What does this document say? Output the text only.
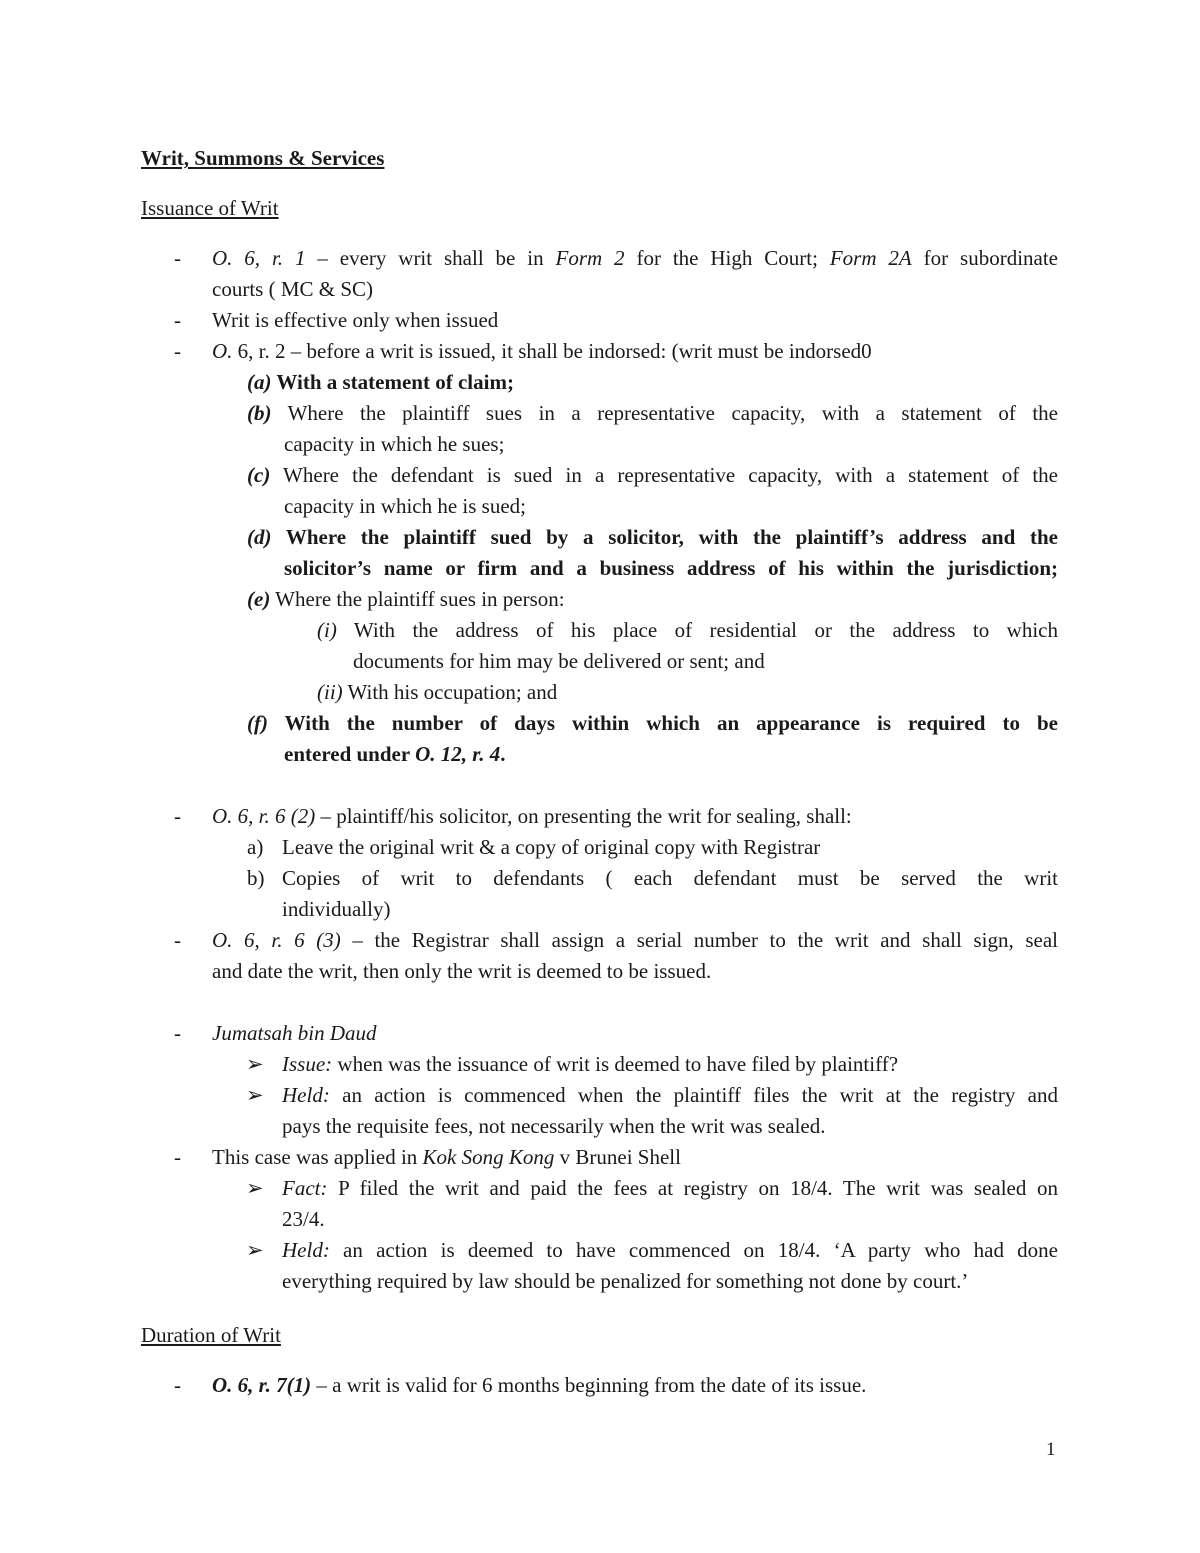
Writ, Summons & Services
Issuance of Writ
- O. 6, r. 1 – every writ shall be in Form 2 for the High Court; Form 2A for subordinate
courts ( MC & SC)
- Writ is effective only when issued
- O. 6, r. 2 – before a writ is issued, it shall be indorsed: (writ must be indorsed0
(a) With a statement of claim;
(b) Where the plaintiff sues in a representative capacity, with a statement of the
capacity in which he sues;
(c) Where the defendant is sued in a representative capacity, with a statement of the
capacity in which he is sued;
(d) Where the plaintiff sued by a solicitor, with the plaintiff’s address and the
solicitor’s name or firm and a business address of his within the jurisdiction;
(e) Where the plaintiff sues in person:
(i) With the address of his place of residential or the address to which
documents for him may be delivered or sent; and
(ii) With his occupation; and
(f) With the number of days within which an appearance is required to be
entered under O. 12, r. 4.
- O. 6, r. 6 (2) – plaintiff/his solicitor, on presenting the writ for sealing, shall:
a) Leave the original writ & a copy of original copy with Registrar
b) Copies of writ to defendants ( each defendant must be served the writ
individually)
- O. 6, r. 6 (3) – the Registrar shall assign a serial number to the writ and shall sign, seal
and date the writ, then only the writ is deemed to be issued.
- Jumatsah bin Daud
➢ Issue: when was the issuance of writ is deemed to have filed by plaintiff?
➢ Held: an action is commenced when the plaintiff files the writ at the registry and
pays the requisite fees, not necessarily when the writ was sealed.
- This case was applied in Kok Song Kong v Brunei Shell
➢ Fact: P filed the writ and paid the fees at registry on 18/4. The writ was sealed on
23/4.
➢ Held: an action is deemed to have commenced on 18/4. ‘A party who had done
everything required by law should be penalized for something not done by court.’
Duration of Writ
- O. 6, r. 7(1) – a writ is valid for 6 months beginning from the date of its issue.
1
